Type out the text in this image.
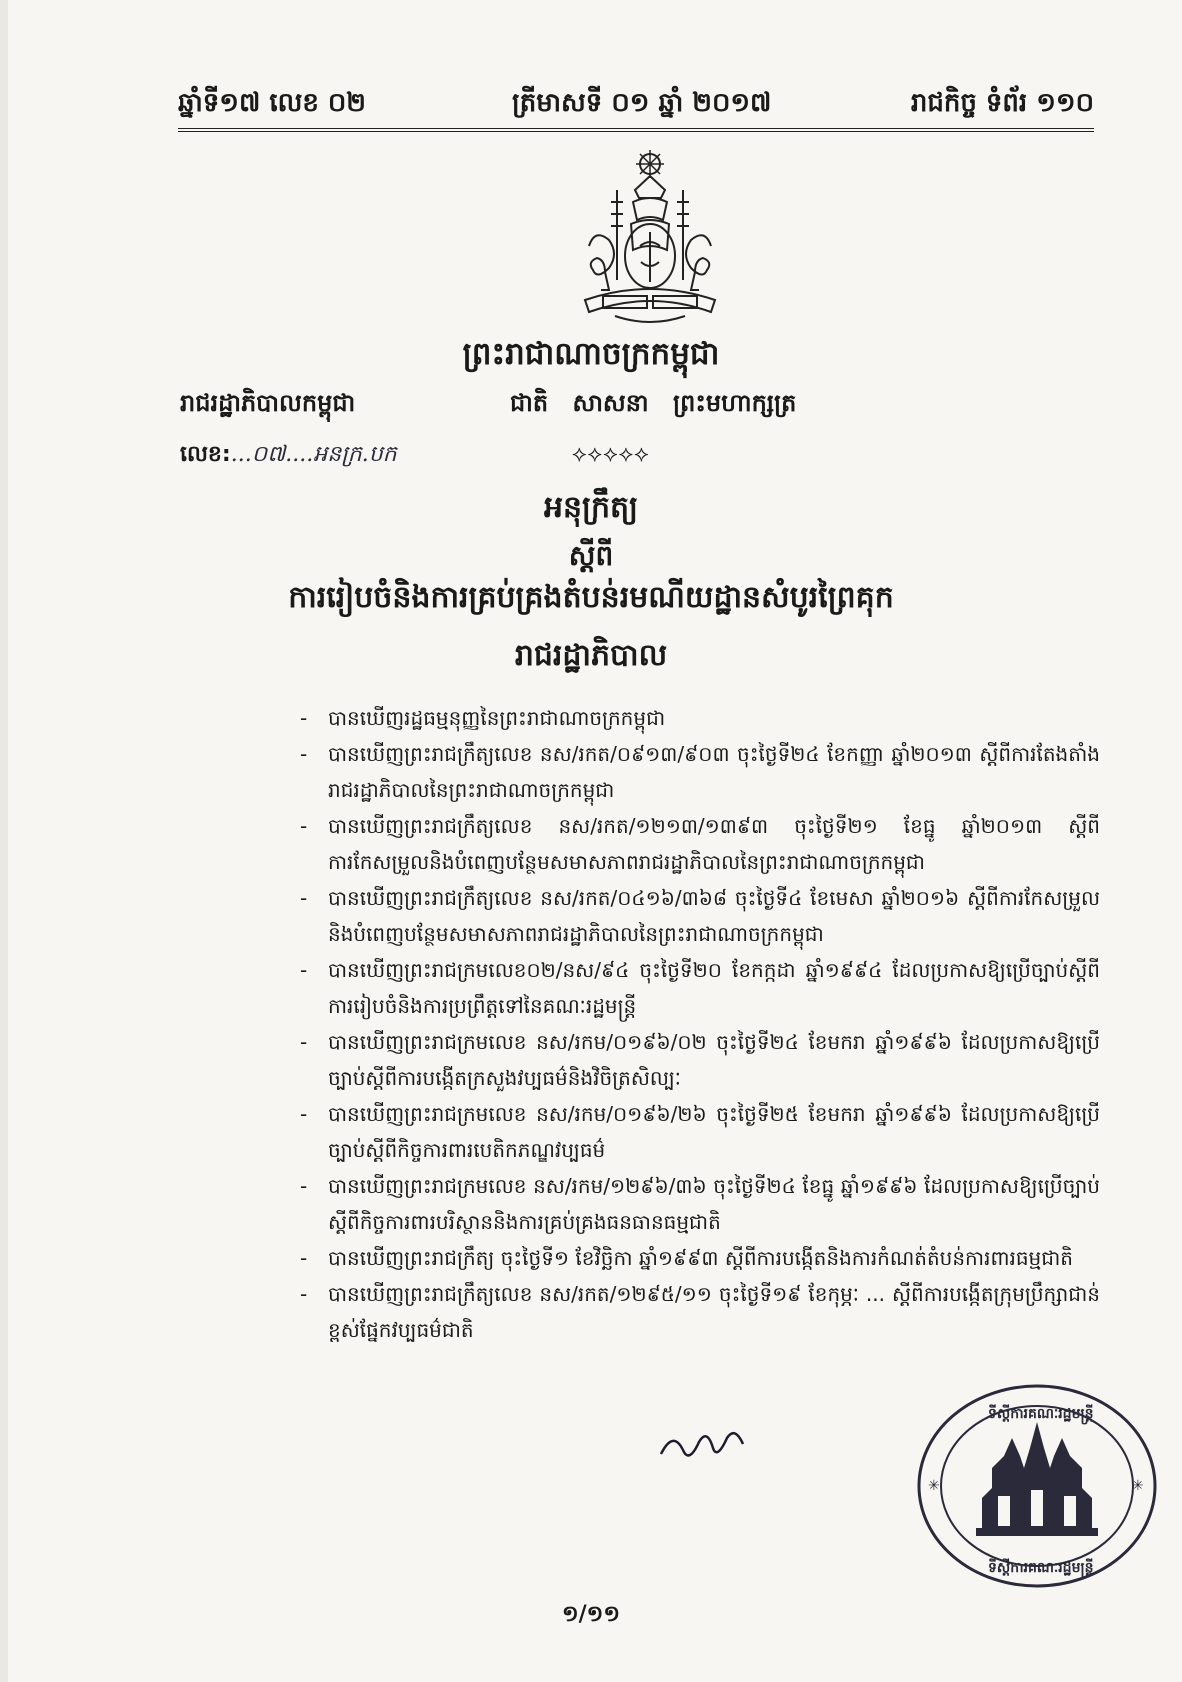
ឆ្នាំទី១៧ លេខ ០២	ត្រីមាសទី ០១ ឆ្នាំ ២០១៧	រាជកិច្ច ទំព័រ ១១០
ព្រះរាជាណាចក្រកម្ពុជា
រាជរដ្ឋាភិបាលកម្ពុជា	ជាតិ សាសនា ព្រះមហាក្សត្រ
លេខ:...០៧....អនក្រ.បក	⟡⟡⟡⟡⟡
អនុក្រឹត្យ
ស្តីពី
ការរៀបចំនិងការគ្រប់គ្រងតំបន់រមណីយដ្ឋានសំបូរព្រៃគុក
រាជរដ្ឋាភិបាល
- បានឃើញរដ្ឋធម្មនុញ្ញនៃព្រះរាជាណាចក្រកម្ពុជា
- បានឃើញព្រះរាជក្រឹត្យលេខ នស/រកត/០៩១៣/៩០៣ ចុះថ្ងៃទី២៤ ខែកញ្ញា ឆ្នាំ២០១៣ ស្តីពីការតែងតាំងរាជរដ្ឋាភិបាលនៃព្រះរាជាណាចក្រកម្ពុជា
- បានឃើញព្រះរាជក្រឹត្យលេខ នស/រកត/១២១៣/១៣៩៣ ចុះថ្ងៃទី២១ ខែធ្នូ ឆ្នាំ២០១៣ ស្តីពីការកែសម្រួលនិងបំពេញបន្ថែមសមាសភាពរាជរដ្ឋាភិបាលនៃព្រះរាជាណាចក្រកម្ពុជា
- បានឃើញព្រះរាជក្រឹត្យលេខ នស/រកត/០៤១៦/៣៦៨ ចុះថ្ងៃទី៤ ខែមេសា ឆ្នាំ២០១៦ ស្តីពីការកែសម្រួលនិងបំពេញបន្ថែមសមាសភាពរាជរដ្ឋាភិបាលនៃព្រះរាជាណាចក្រកម្ពុជា
- បានឃើញព្រះរាជក្រមលេខ០២/នស/៩៤ ចុះថ្ងៃទី២០ ខែកក្កដា ឆ្នាំ១៩៩៤ ដែលប្រកាសឱ្យប្រើច្បាប់ស្តីពីការរៀបចំនិងការប្រព្រឹត្តទៅនៃគណៈរដ្ឋមន្ត្រី
- បានឃើញព្រះរាជក្រមលេខ នស/រកម/០១៩៦/០២ ចុះថ្ងៃទី២៤ ខែមករា ឆ្នាំ១៩៩៦ ដែលប្រកាសឱ្យប្រើច្បាប់ស្តីពីការបង្កើតក្រសួងវប្បធម៌និងវិចិត្រសិល្បៈ
- បានឃើញព្រះរាជក្រមលេខ នស/រកម/០១៩៦/២៦ ចុះថ្ងៃទី២៥ ខែមករា ឆ្នាំ១៩៩៦ ដែលប្រកាសឱ្យប្រើច្បាប់ស្តីពីកិច្ចការពារបេតិកភណ្ឌវប្បធម៌
- បានឃើញព្រះរាជក្រមលេខ នស/រកម/១២៩៦/៣៦ ចុះថ្ងៃទី២៤ ខែធ្នូ ឆ្នាំ១៩៩៦ ដែលប្រកាសឱ្យប្រើច្បាប់ស្តីពីកិច្ចការពារបរិស្ថាននិងការគ្រប់គ្រងធនធានធម្មជាតិ
- បានឃើញព្រះរាជក្រឹត្យ ចុះថ្ងៃទី១ ខែវិច្ឆិកា ឆ្នាំ១៩៩៣ ស្តីពីការបង្កើតនិងការកំណត់តំបន់ការពារធម្មជាតិ
- បានឃើញព្រះរាជក្រឹត្យលេខ នស/រកត/១២៩៥/១១ ចុះថ្ងៃទី១៩ ខែកុម្ភៈ ... ស្តីពីការបង្កើតក្រុមប្រឹក្សាជាន់ខ្ពស់ផ្នែកវប្បធម៌ជាតិ
✳	✳
ទីស្តីការគណៈរដ្ឋមន្ត្រី
ទីស្តីការគណៈរដ្ឋមន្ត្រី
១/១១
